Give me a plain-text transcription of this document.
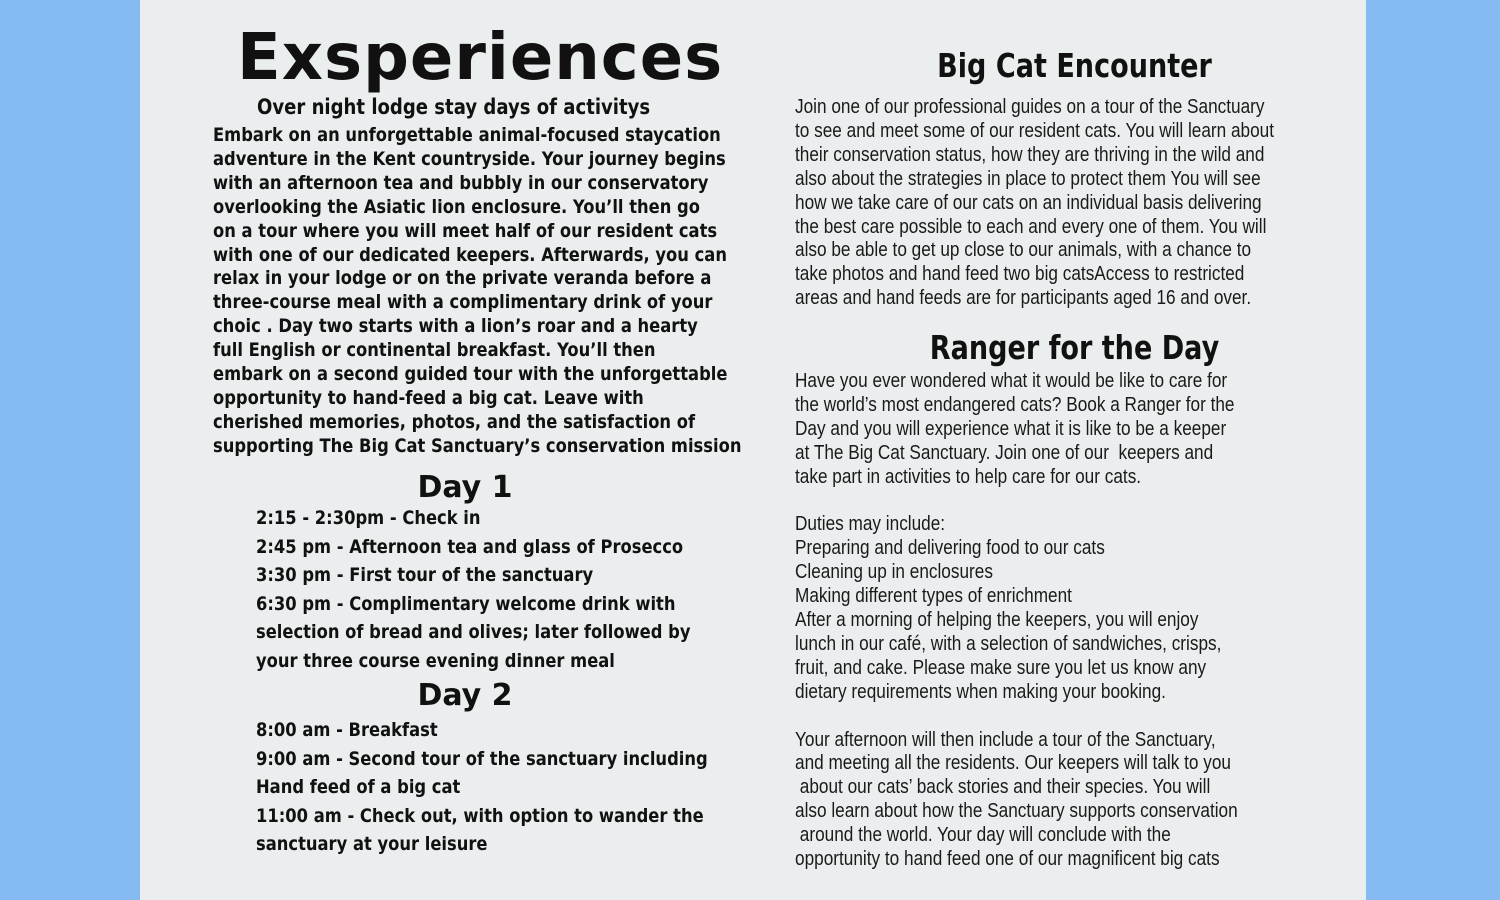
Exsperiences
Over night lodge stay days of activitys

Embark on an unforgettable animal-focused staycation
adventure in the Kent countryside. Your journey begins
with an afternoon tea and bubbly in our conservatory
overlooking the Asiatic lion enclosure. You’ll then go
on a tour where you will meet half of our resident cats
with one of our dedicated keepers. Afterwards, you can
relax in your lodge or on the private veranda before a
three-course meal with a complimentary drink of your
choic . Day two starts with a lion’s roar and a hearty
full English or continental breakfast. You’ll then
embark on a second guided tour with the unforgettable
opportunity to hand-feed a big cat. Leave with
cherished memories, photos, and the satisfaction of
supporting The Big Cat Sanctuary’s conservation mission

Day 1
2:15 - 2:30pm - Check in
2:45 pm - Afternoon tea and glass of Prosecco
3:30 pm - First tour of the sanctuary
6:30 pm - Complimentary welcome drink with
selection of bread and olives; later followed by
your three course evening dinner meal
Day 2
8:00 am - Breakfast
9:00 am - Second tour of the sanctuary including
Hand feed of a big cat
11:00 am - Check out, with option to wander the
sanctuary at your leisure
Big Cat Encounter

Join one of our professional guides on a tour of the Sanctuary
to see and meet some of our resident cats. You will learn about
their conservation status, how they are thriving in the wild and
also about the strategies in place to protect them You will see
how we take care of our cats on an individual basis delivering
the best care possible to each and every one of them. You will
also be able to get up close to our animals, with a chance to
take photos and hand feed two big catsAccess to restricted
areas and hand feeds are for participants aged 16 and over.

Ranger for the Day

Have you ever wondered what it would be like to care for
the world’s most endangered cats? Book a Ranger for the
Day and you will experience what it is like to be a keeper
at The Big Cat Sanctuary. Join one of our  keepers and
take part in activities to help care for our cats.
Duties may include:
Preparing and delivering food to our cats
Cleaning up in enclosures
Making different types of enrichment
After a morning of helping the keepers, you will enjoy
lunch in our café, with a selection of sandwiches, crisps,
fruit, and cake. Please make sure you let us know any
dietary requirements when making your booking.
Your afternoon will then include a tour of the Sanctuary,
and meeting all the residents. Our keepers will talk to you
about our cats’ back stories and their species. You will
also learn about how the Sanctuary supports conservation
around the world. Your day will conclude with the
opportunity to hand feed one of our magnificent big cats
